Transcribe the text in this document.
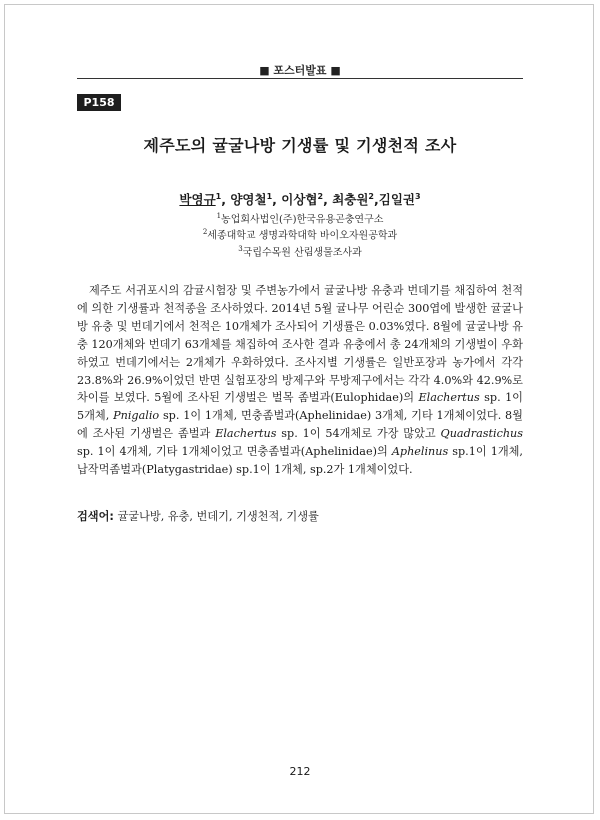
■ 포스터발표 ■
P158
제주도의 귤굴나방 기생률 및 기생천적 조사
박영규$^1$, 양영철$^1$, 이상협$^2$, 최충원$^2$,김일권$^3$
$^1$농업회사법인(주)한국유용곤충연구소
$^2$세종대학교 생명과학대학 바이오자원공학과
$^3$국립수목원 산림생물조사과

제주도 서귀포시의 감귤시험장 및 주변농가에서 귤굴나방 유충과 번데기를 채집하여 천적에 의한 기생률과 천적종을 조사하였다. 2014년 5월 귤나무 어린순 300엽에 발생한 귤굴나방 유충 및 번데기에서 천적은 10개체가 조사되어 기생률은 0.03%였다. 8월에 귤굴나방 유충 120개체와 번데기 63개체를 채집하여 조사한 결과 유충에서 총 24개체의 기생벌이 우화하였고 번데기에서는 2개체가 우화하였다. 조사지별 기생률은 일반포장과 농가에서 각각 23.8%와 26.9%이었던 반면 실험포장의 방제구와 무방제구에서는 각각 4.0%와 42.9%로 차이를 보였다. 5월에 조사된 기생벌은 벌목 좀벌과(Eulophidae)의 Elachertus sp. 1이 5개체, Pnigalio sp. 1이 1개체, 면충좀벌과(Aphelinidae) 3개체, 기타 1개체이었다. 8월에 조사된 기생벌은 좀벌과 Elachertus sp. 1이 54개체로 가장 많았고 Quadrastichus sp. 1이 4개체, 기타 1개체이었고 면충좀벌과(Aphelinidae)의 Aphelinus sp.1이 1개체, 납작먹좀벌과(Platygastridae) sp.1이 1개체, sp.2가 1개체이었다.

검색어: 귤굴나방, 유충, 번데기, 기생천적, 기생률
212
